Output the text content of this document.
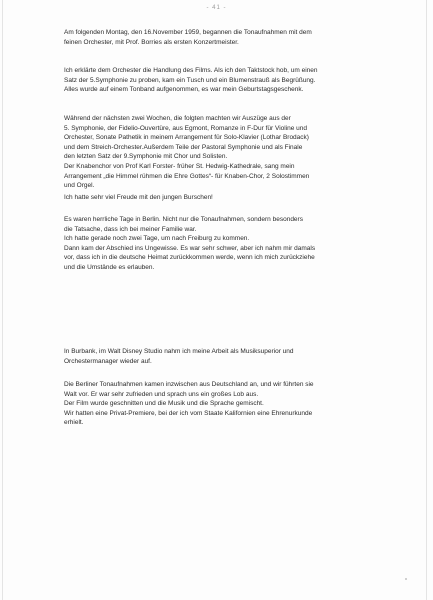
- 41 -

Am folgenden Montag, den 16.November 1959, begannen die Tonaufnahmen mit dem
feinen Orchester, mit Prof. Borries als ersten Konzertmeister.

Ich erklärte dem Orchester die Handlung des Films. Als ich den Taktstock hob, um einen
Satz der 5.Symphonie zu proben, kam ein Tusch und ein Blumenstrauß als Begrüßung.
Alles wurde auf einem Tonband aufgenommen, es war mein Geburtstagsgeschenk.

Während der nächsten zwei Wochen, die folgten machten wir Auszüge aus der
5. Symphonie, der Fidelio-Ouvertüre, aus Egmont, Romanze in F-Dur für Violine und
Orchester, Sonate Pathetik in meinem Arrangement für Solo-Klavier (Lothar Brodack)
und dem Streich-Orchester.Außerdem Teile der Pastoral Symphonie und als Finale
den letzten Satz der 9.Symphonie mit Chor und Solisten.
Der Knabenchor von Prof Karl Forster- früher St. Hedwig-Kathedrale, sang mein
Arrangement „die Himmel rühmen die Ehre Gottes“- für Knaben-Chor, 2 Solostimmen
und Orgel.

Ich hatte sehr viel Freude mit den jungen Burschen!

Es waren herrliche Tage in Berlin. Nicht nur die Tonaufnahmen, sondern besonders
die Tatsache, dass ich bei meiner Familie war.
Ich hatte gerade noch zwei Tage, um nach Freiburg zu kommen.
Dann kam der Abschied ins Ungewisse. Es war sehr schwer, aber ich nahm mir damals
vor, dass ich in die deutsche Heimat zurückkommen werde, wenn ich mich zurückziehe
und die Umstände es erlauben.

In Burbank, im Walt Disney Studio nahm ich meine Arbeit als Musiksuperior und
Orchestermanager wieder auf.

Die Berliner Tonaufnahmen kamen inzwischen aus Deutschland an, und wir führten sie
Walt vor. Er war sehr zufrieden und sprach uns ein großes Lob aus.
Der Film wurde geschnitten und die Musik und die Sprache gemischt.
Wir hatten eine Privat-Premiere, bei der ich vom Staate Kalifornien eine Ehrenurkunde
erhielt.
